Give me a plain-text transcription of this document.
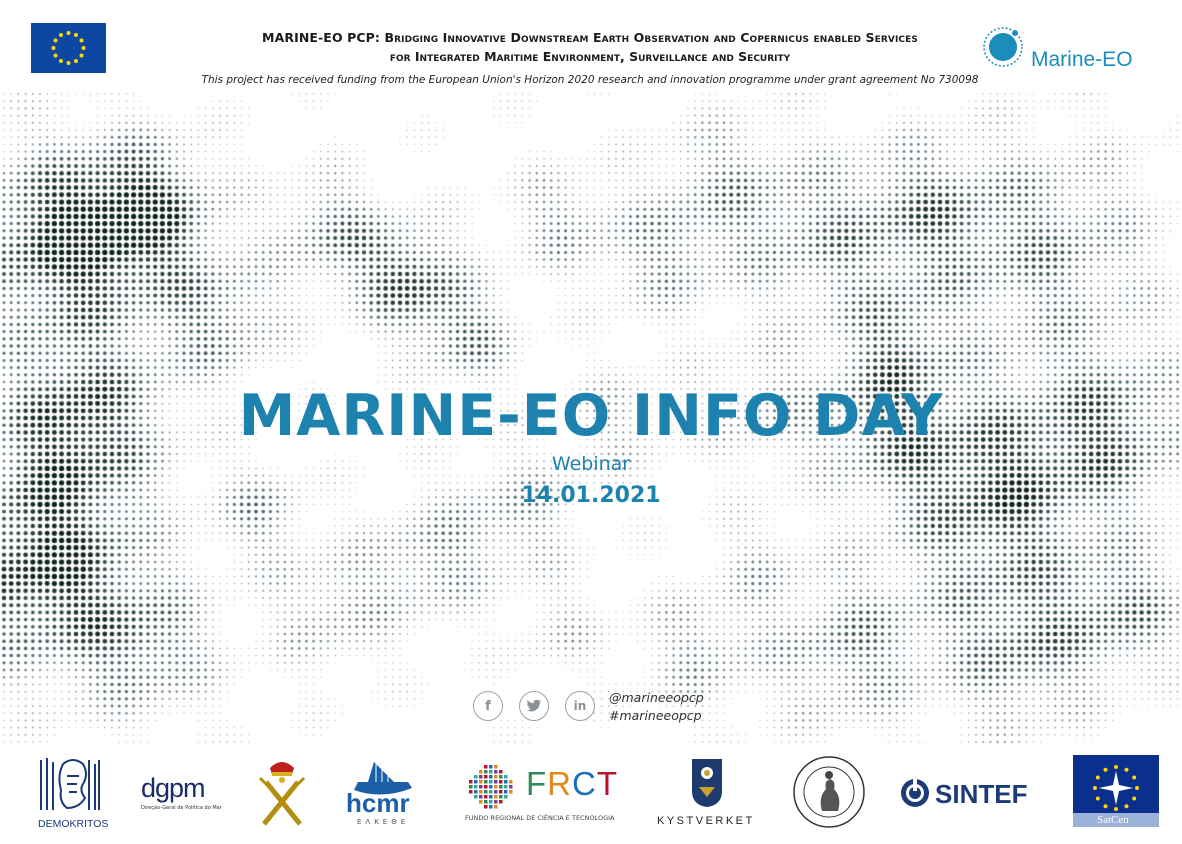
MARINE-EO PCP: Bridging Innovative Downstream Earth Observation and Copernicus enabled Services
for Integrated Maritime Environment, Surveillance and Security
This project has received funding from the European Union's Horizon 2020 research and innovation programme under grant agreement No 730098
Marine-EO
MARINE-EO INFO DAY
Webinar
14.01.2021
f	in
@marineeopcp
#marineeopcp
DEMOKRITOS
dgpm
Direção-Geral de Política do Mar	hcmr
ΕΛΚΕΘΕ
FRCT
FUNDO REGIONAL DE CIÊNCIA E TECNOLOGIA	KYSTVERKET
SINTEF
SatCen
